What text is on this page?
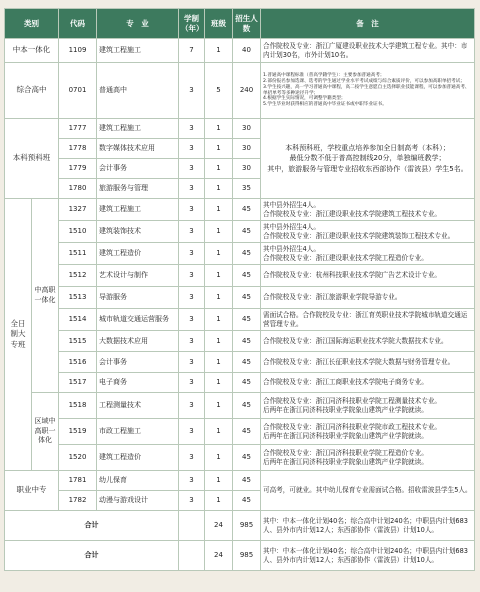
类别		代码	专　业	学制（年）	班级	招生人数	备　注
中本一体化		1109	建筑工程施工	7	1	40	合作院校及专业：浙江广厦建设职业技术大学建筑工程专业。其中：市内计划30名，市外计划10名。
综合高中		0701	普通高中	3	5	240	1.普通高中课程标准（普高学籍学生）：主要参加普通高考；
2.部份报名参加选课、选考的学生通过学业水平考试成绩与综合素质评价，可以参加高职单招考试；
3.学生按兴趣，高一学习普通高中课程，高二按学生意愿自主选择职业技能课程，可以参加普通高考、单招单考等多种途径升学；
4.根据学生实际情况，可调整学籍类型；
5.学生毕业时获得相应的普通高中毕业证书或中职毕业证书。
本科预科班		1777	建筑工程施工	3	1	30	本科预科班，学校重点培养参加全日制高考（本科）；
最低分数不低于普高控制线20分，单独编班教学；
其中，旅游服务与管理专业招收东西部协作（雷波县）学生5名。
		1778	数字媒体技术应用	3	1	30	
		1779	会计事务	3	1	30	
		1780	旅游服务与管理	3	1	35	
全日制大专班	中高职一体化	1327	建筑工程施工	3	1	45	其中县外招生4人。
合作院校及专业：浙江建设职业技术学院建筑工程技术专业。
		1510	建筑装饰技术	3	1	45	其中县外招生4人。
合作院校及专业：浙江建设职业技术学院建筑装饰工程技术专业。
		1511	建筑工程造价	3	1	45	其中县外招生4人。
合作院校及专业：浙江建设职业技术学院工程造价专业。
		1512	艺术设计与制作	3	1	45	合作院校及专业：杭州科技职业技术学院广告艺术设计专业。
		1513	导游服务	3	1	45	合作院校及专业：浙江旅游职业学院导游专业。
		1514	城市轨道交通运营服务	3	1	45	需面试合格。合作院校及专业：浙江育英职业技术学院城市轨道交通运营管理专业。
		1515	大数据技术应用	3	1	45	合作院校及专业：浙江国际海运职业技术学院大数据技术专业。
		1516	会计事务	3	1	45	合作院校及专业：浙江长征职业技术学院大数据与财务管理专业。
		1517	电子商务	3	1	45	合作院校及专业：浙江工商职业技术学院电子商务专业。
	区域中高职一体化	1518	工程测量技术	3	1	45	合作院校及专业：浙江同济科技职业学院工程测量技术专业。
后两年在浙江同济科技职业学院象山建筑产业学院就读。
		1519	市政工程施工	3	1	45	合作院校及专业：浙江同济科技职业学院市政工程技术专业。
后两年在浙江同济科技职业学院象山建筑产业学院就读。
		1520	建筑工程造价	3	1	45	合作院校及专业：浙江同济科技职业学院工程造价专业。
后两年在浙江同济科技职业学院象山建筑产业学院就读。
职业中专		1781	幼儿保育	3	1	45	可高考，可就业。其中幼儿保育专业需面试合格。招收雷波县学生5人。
		1782	动漫与游戏设计	3	1	45	
合计					24	985	其中：中本一体化计划40名；综合高中计划240名；中职县内计划683人、县外市内计划12人；东西部协作（雷波县）计划10人。
合计					24	985	其中：中本一体化计划40名；综合高中计划240名；中职县内计划683人、县外市内计划12人；东西部协作（雷波县）计划10人。
